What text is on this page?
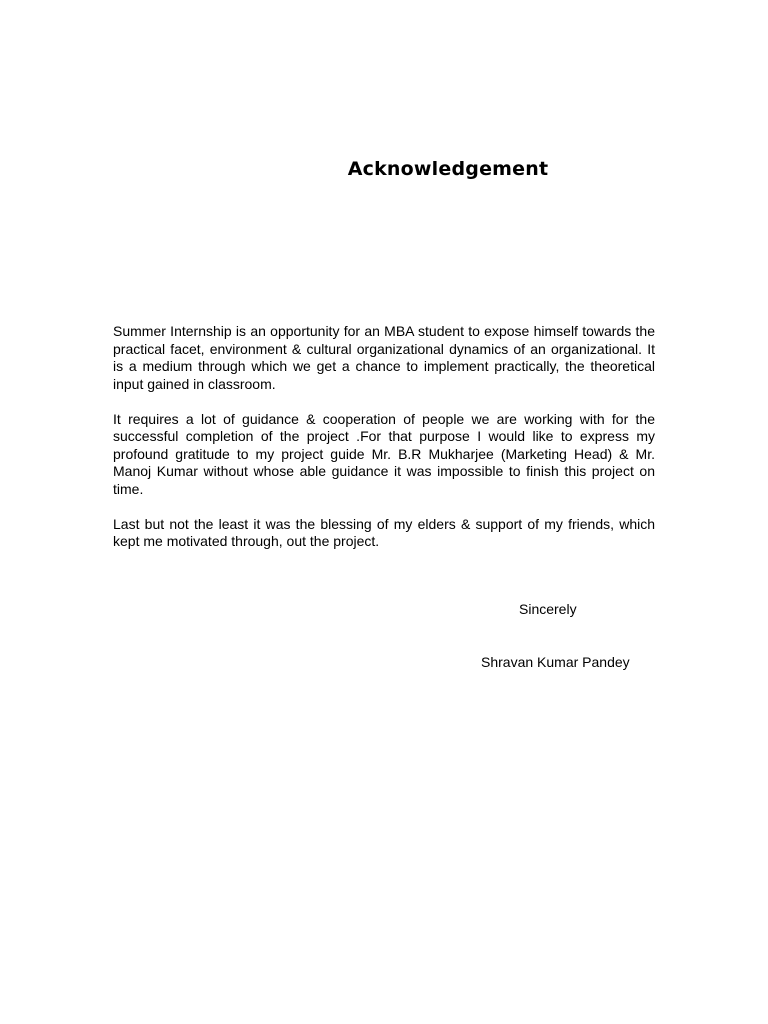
Acknowledgement

Summer Internship is an opportunity for an MBA student to expose himself towards the practical facet, environment & cultural organizational dynamics of an organizational. It is a medium through which we get a chance to implement practically, the theoretical input gained in classroom.

It requires a lot of guidance & cooperation of people we are working with for the successful completion of the project .For that purpose I would like to express my profound gratitude to my project guide Mr. B.R Mukharjee (Marketing Head) & Mr. Manoj Kumar without whose able guidance it was impossible to finish this project on time.

Last but not the least it was the blessing of my elders & support of my friends, which kept me motivated through, out the project.

Sincerely
Shravan Kumar Pandey
